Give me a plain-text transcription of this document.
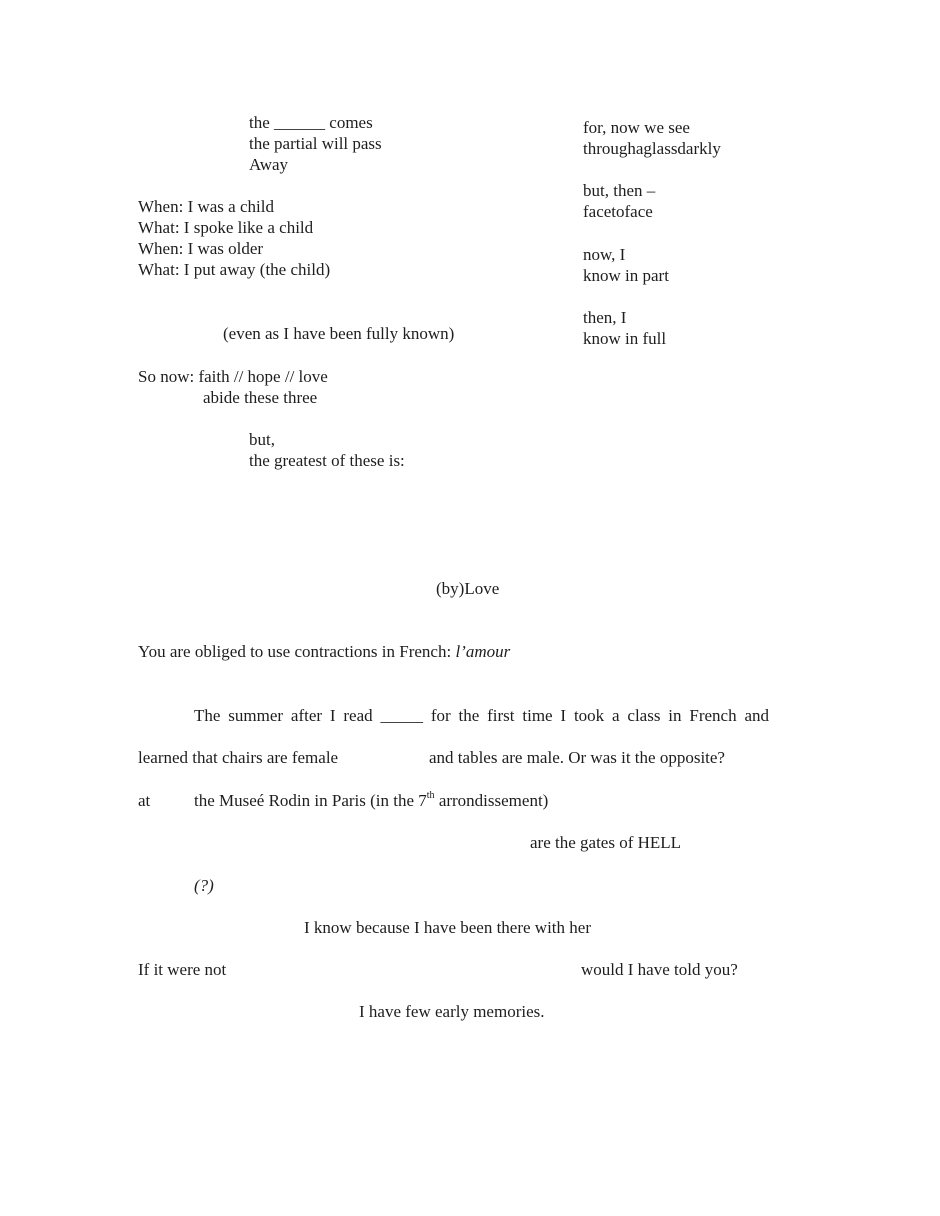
the ______ comes
the partial will pass
Away
When: I was a child
What: I spoke like a child
When: I was older
What: I put away (the child)
(even as I have been fully known)
So now: faith // hope // love
abide these three
but,
the greatest of these is:
for, now we see
throughaglassdarkly
but, then –
facetoface
now, I
know in part
then, I
know in full
(by)Love
You are obliged to use contractions in French: l’amour
The summer after I read _____ for the first time I took a class in French and
learned that chairs are female	and tables are male. Or was it the opposite?
at	the Museé Rodin in Paris (in the 7th arrondissement)
are the gates of HELL
(?)
I know because I have been there with her
If it were not	would I have told you?
I have few early memories.
